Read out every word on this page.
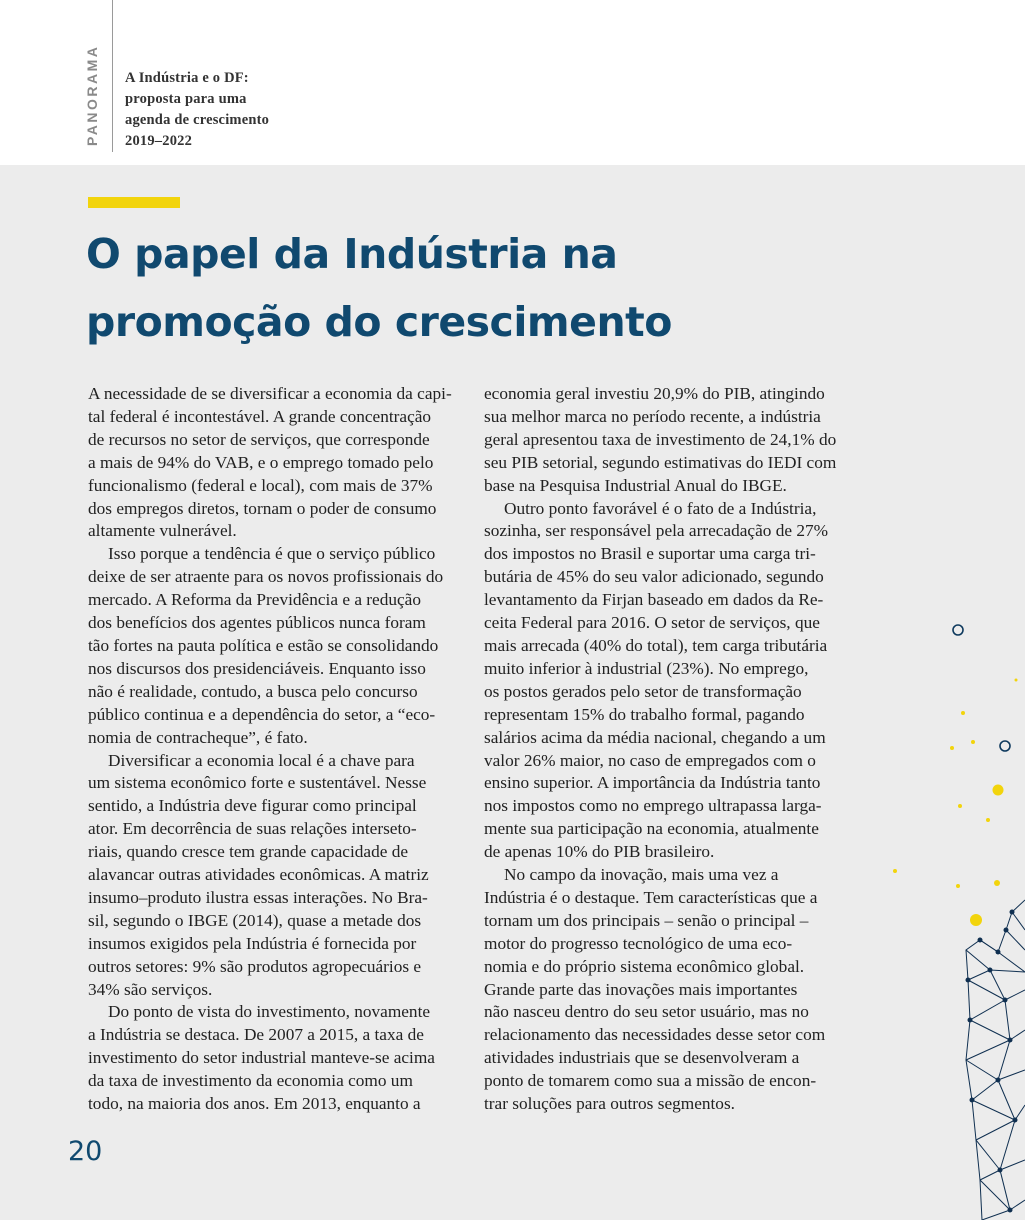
PANORAMA A Indústria e o DF:
proposta para uma
agenda de crescimento
2019–2022
O papel da Indústria na
promoção do crescimento
A necessidade de se diversificar a economia da capi-
tal federal é incontestável. A grande concentração
de recursos no setor de serviços, que corresponde
a mais de 94% do VAB, e o emprego tomado pelo
funcionalismo (federal e local), com mais de 37%
dos empregos diretos, tornam o poder de consumo
altamente vulnerável.
Isso porque a tendência é que o serviço público
deixe de ser atraente para os novos profissionais do
mercado. A Reforma da Previdência e a redução
dos benefícios dos agentes públicos nunca foram
tão fortes na pauta política e estão se consolidando
nos discursos dos presidenciáveis. Enquanto isso
não é realidade, contudo, a busca pelo concurso
público continua e a dependência do setor, a “eco-
nomia de contracheque”, é fato.
Diversificar a economia local é a chave para
um sistema econômico forte e sustentável. Nesse
sentido, a Indústria deve figurar como principal
ator. Em decorrência de suas relações interseto-
riais, quando cresce tem grande capacidade de
alavancar outras atividades econômicas. A matriz
insumo–produto ilustra essas interações. No Bra-
sil, segundo o IBGE (2014), quase a metade dos
insumos exigidos pela Indústria é fornecida por
outros setores: 9% são produtos agropecuários e
34% são serviços.
Do ponto de vista do investimento, novamente
a Indústria se destaca. De 2007 a 2015, a taxa de
investimento do setor industrial manteve-se acima
da taxa de investimento da economia como um
todo, na maioria dos anos. Em 2013, enquanto a
economia geral investiu 20,9% do PIB, atingindo
sua melhor marca no período recente, a indústria
geral apresentou taxa de investimento de 24,1% do
seu PIB setorial, segundo estimativas do IEDI com
base na Pesquisa Industrial Anual do IBGE.
Outro ponto favorável é o fato de a Indústria,
sozinha, ser responsável pela arrecadação de 27%
dos impostos no Brasil e suportar uma carga tri-
butária de 45% do seu valor adicionado, segundo
levantamento da Firjan baseado em dados da Re-
ceita Federal para 2016. O setor de serviços, que
mais arrecada (40% do total), tem carga tributária
muito inferior à industrial (23%). No emprego,
os postos gerados pelo setor de transformação
representam 15% do trabalho formal, pagando
salários acima da média nacional, chegando a um
valor 26% maior, no caso de empregados com o
ensino superior. A importância da Indústria tanto
nos impostos como no emprego ultrapassa larga-
mente sua participação na economia, atualmente
de apenas 10% do PIB brasileiro.
No campo da inovação, mais uma vez a
Indústria é o destaque. Tem características que a
tornam um dos principais – senão o principal –
motor do progresso tecnológico de uma eco-
nomia e do próprio sistema econômico global.
Grande parte das inovações mais importantes
não nasceu dentro do seu setor usuário, mas no
relacionamento das necessidades desse setor com
atividades industriais que se desenvolveram a
ponto de tomarem como sua a missão de encon-
trar soluções para outros segmentos.
20
